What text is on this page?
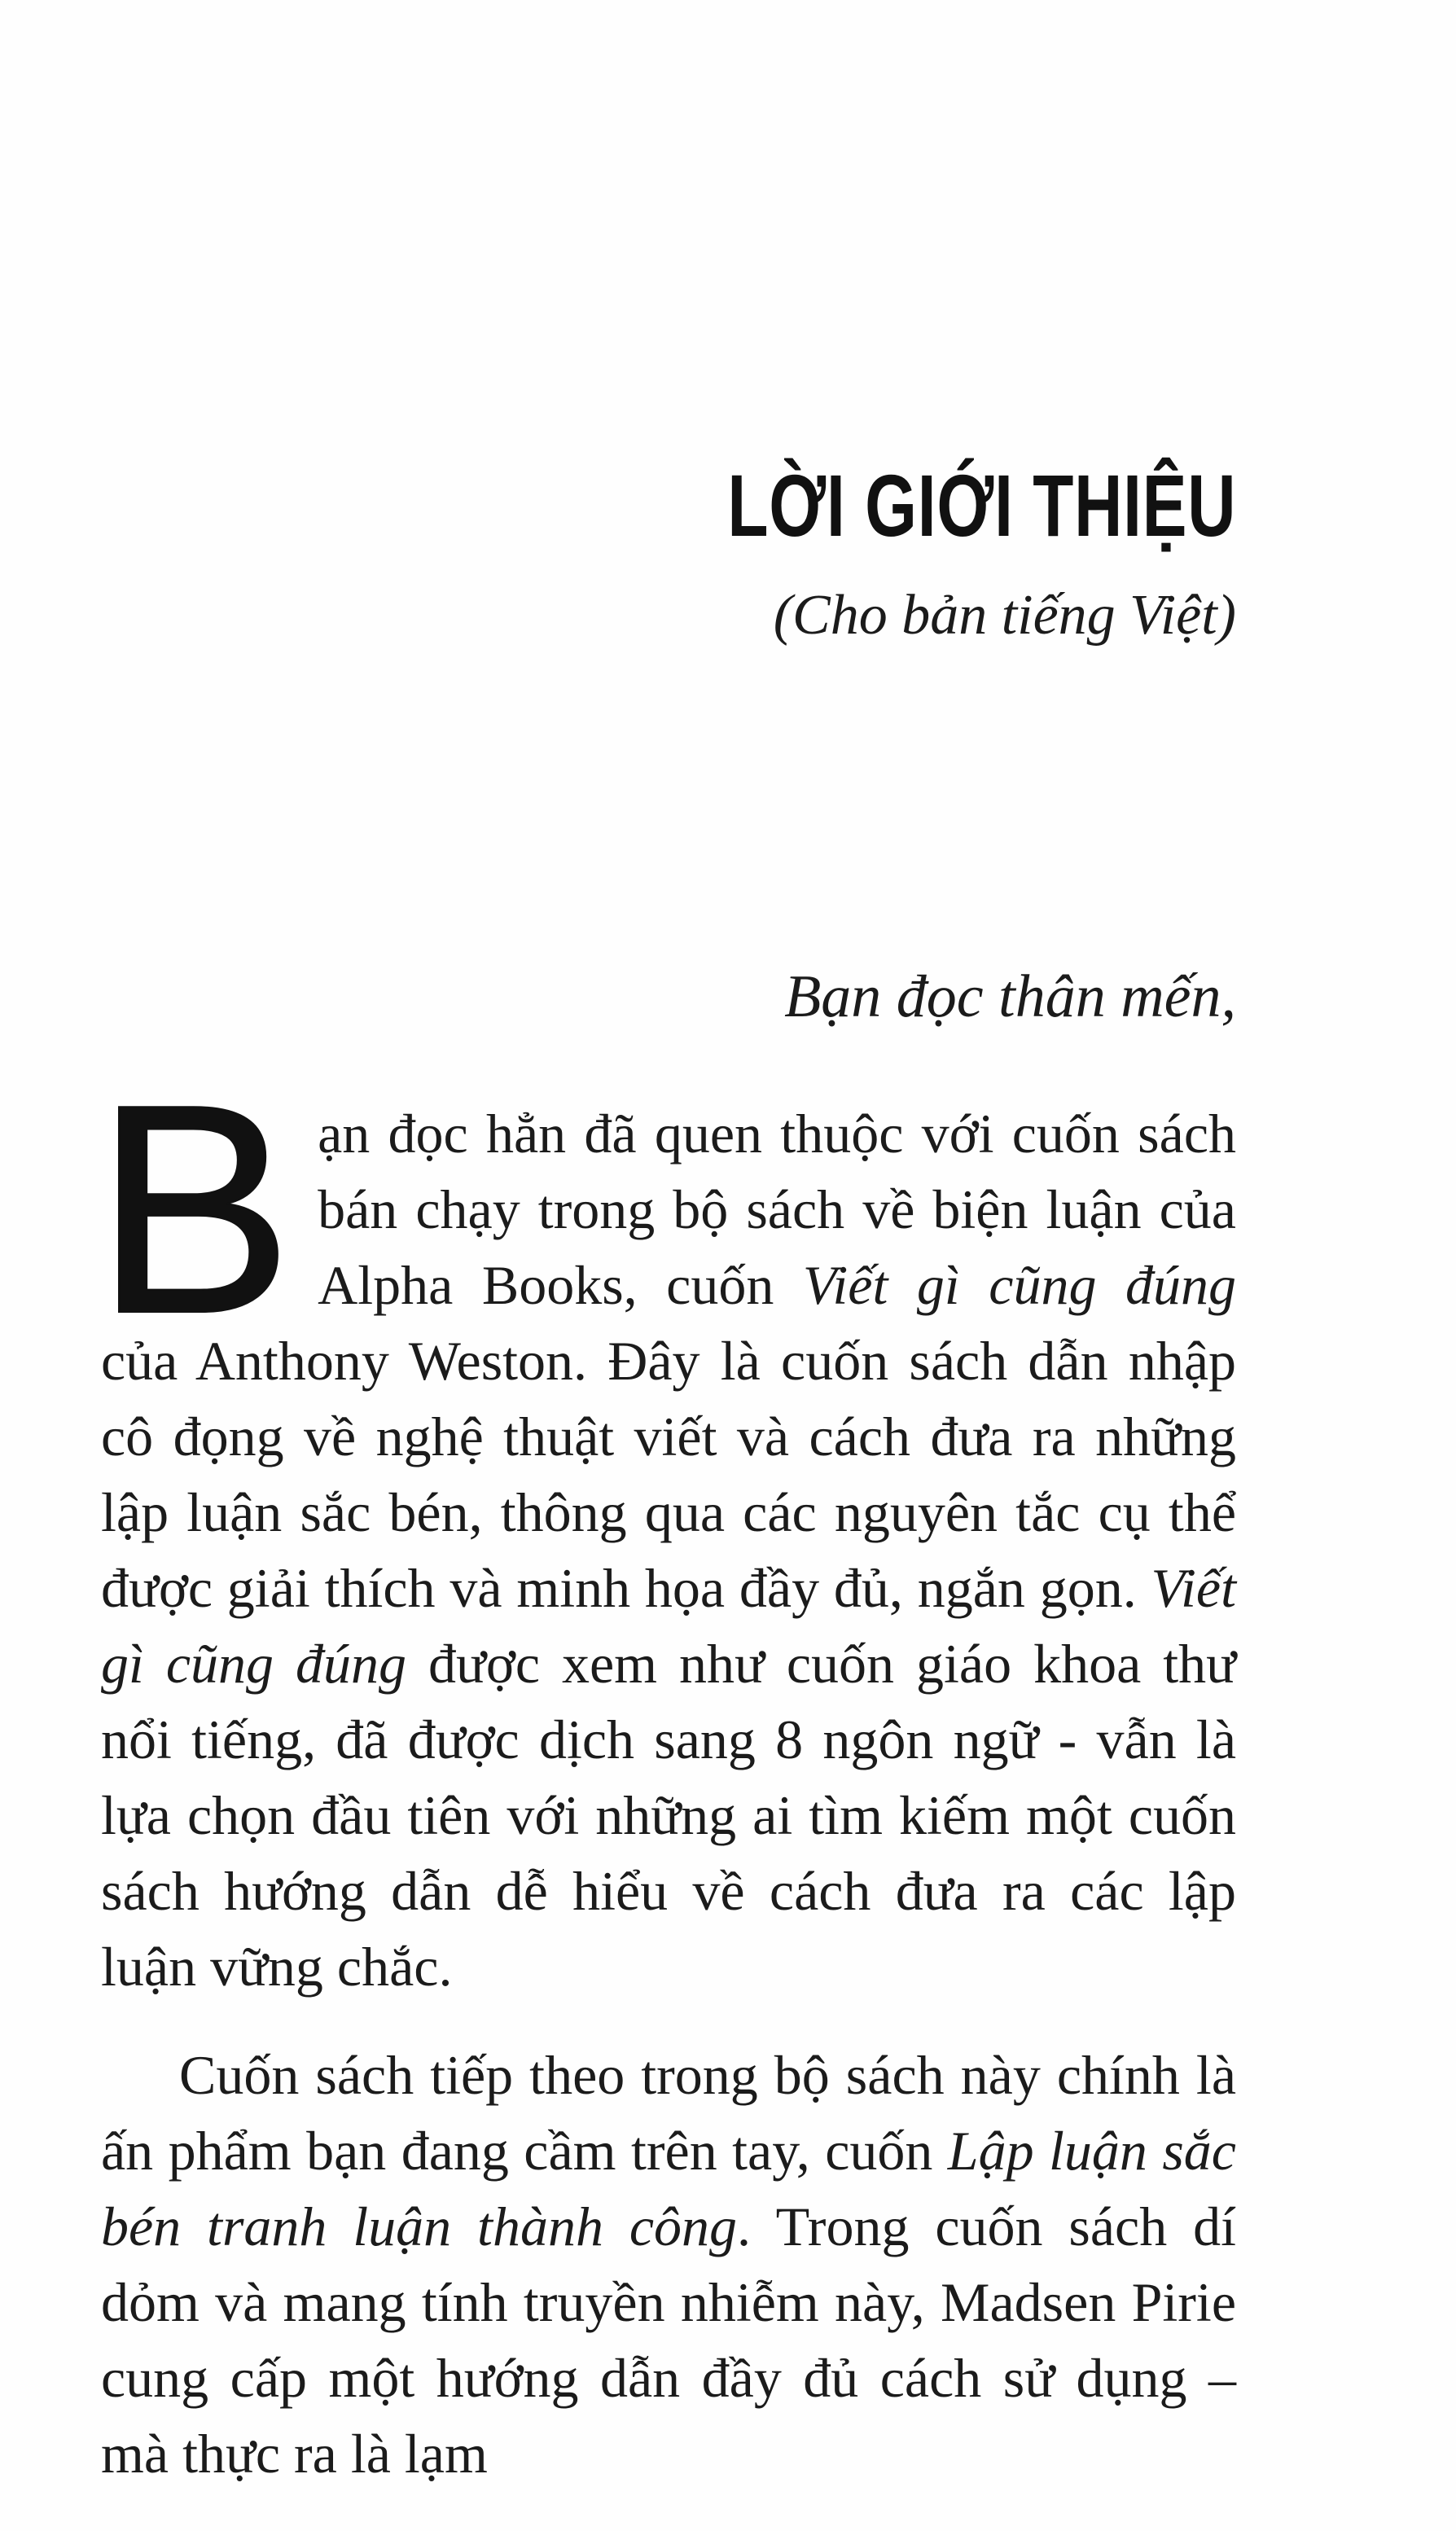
LỜI GIỚI THIỆU

(Cho bản tiếng Việt)

Bạn đọc thân mến,

Bạn đọc hẳn đã quen thuộc với cuốn sách bán chạy trong bộ sách về biện luận của Alpha Books, cuốn Viết gì cũng đúng của Anthony Weston. Đây là cuốn sách dẫn nhập cô đọng về nghệ thuật viết và cách đưa ra những lập luận sắc bén, thông qua các nguyên tắc cụ thể được giải thích và minh họa đầy đủ, ngắn gọn. Viết gì cũng đúng được xem như cuốn giáo khoa thư nổi tiếng, đã được dịch sang 8 ngôn ngữ - vẫn là lựa chọn đầu tiên với những ai tìm kiếm một cuốn sách hướng dẫn dễ hiểu về cách đưa ra các lập luận vững chắc.

Cuốn sách tiếp theo trong bộ sách này chính là ấn phẩm bạn đang cầm trên tay, cuốn Lập luận sắc bén tranh luận thành công. Trong cuốn sách dí dỏm và mang tính truyền nhiễm này, Madsen Pirie cung cấp một hướng dẫn đầy đủ cách sử dụng – mà thực ra là lạm
